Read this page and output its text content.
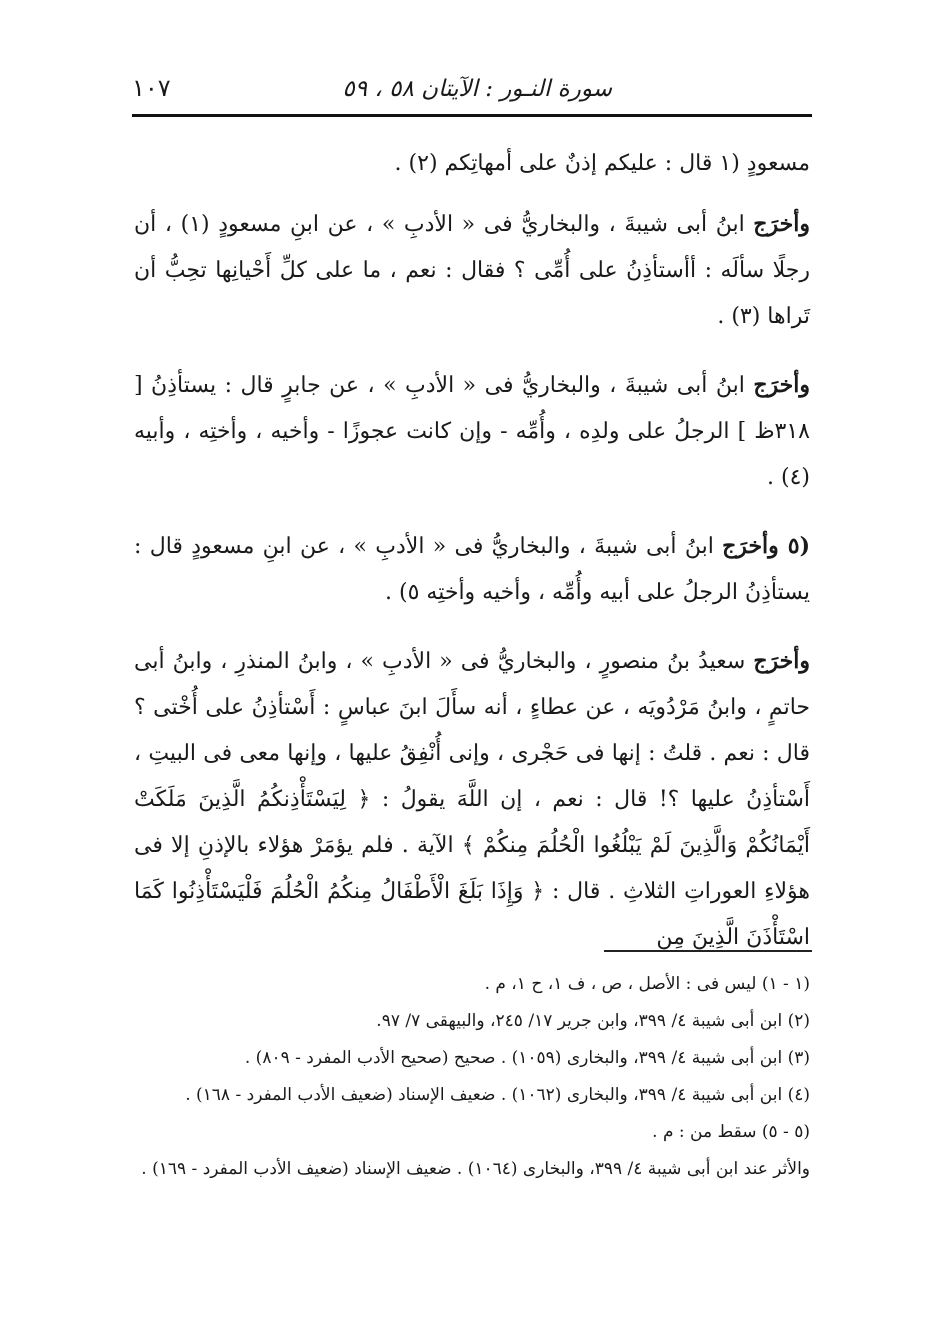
سورة النـور : الآيتان ٥٨ ، ٥٩
١٠٧

مسعودٍ (١ قال : عليكم إذنٌ على أمهاتِكم (٢) .

وأخرَج ابنُ أبى شيبةَ ، والبخاريُّ فى « الأدبِ » ، عن ابنِ مسعودٍ (١) ، أن رجلًا سألَه : أأستأذِنُ على أُمِّى ؟ فقال : نعم ، ما على كلِّ أَحْيانِها تحِبُّ أن تَراها (٣) .

وأخرَج ابنُ أبى شيبةَ ، والبخاريُّ فى « الأدبِ » ، عن جابرٍ قال : يستأذِنُ [ ٣١٨ظ ] الرجلُ على ولدِه ، وأُمِّه - وإن كانت عجوزًا - وأخيه ، وأختِه ، وأبيه (٤) .

(٥ وأخرَج ابنُ أبى شيبةَ ، والبخاريُّ فى « الأدبِ » ، عن ابنِ مسعودٍ قال : يستأذِنُ الرجلُ على أبيه وأُمِّه ، وأخيه وأختِه ٥) .

وأخرَج سعيدُ بنُ منصورٍ ، والبخاريُّ فى « الأدبِ » ، وابنُ المنذرِ ، وابنُ أبى حاتمٍ ، وابنُ مَرْدُويَه ، عن عطاءٍ ، أنه سأَلَ ابنَ عباسٍ : أَسْتأذِنُ على أُخْتى ؟ قال : نعم . قلتُ : إنها فى حَجْرى ، وإنى أُنْفِقُ عليها ، وإنها معى فى البيتِ ، أَسْتأذِنُ عليها ؟! قال : نعم ، إن اللَّهَ يقولُ : ﴿ لِيَسْتَأْذِنكُمُ الَّذِينَ مَلَكَتْ أَيْمَانُكُمْ وَالَّذِينَ لَمْ يَبْلُغُوا الْحُلُمَ مِنكُمْ ﴾ الآية . فلم يؤمَرْ هؤلاء بالإذنِ إلا فى هؤلاءِ العوراتِ الثلاثِ . قال : ﴿ وَإِذَا بَلَغَ الْأَطْفَالُ مِنكُمُ الْحُلُمَ فَلْيَسْتَأْذِنُوا كَمَا اسْتَأْذَنَ الَّذِينَ مِن

(١ - ١) ليس فى : الأصل ، ص ، ف ١، ح ١، م .

(٢) ابن أبى شيبة ٤/ ٣٩٩، وابن جرير ١٧/ ٢٤٥، والبيهقى ٧/ ٩٧.

(٣) ابن أبى شيبة ٤/ ٣٩٩، والبخارى (١٠٥٩) . صحيح (صحيح الأدب المفرد - ٨٠٩) .

(٤) ابن أبى شيبة ٤/ ٣٩٩، والبخارى (١٠٦٢) . ضعيف الإسناد (ضعيف الأدب المفرد - ١٦٨) .

(٥ - ٥) سقط من : م .

والأثر عند ابن أبى شيبة ٤/ ٣٩٩، والبخارى (١٠٦٤) . ضعيف الإسناد (ضعيف الأدب المفرد - ١٦٩) .
